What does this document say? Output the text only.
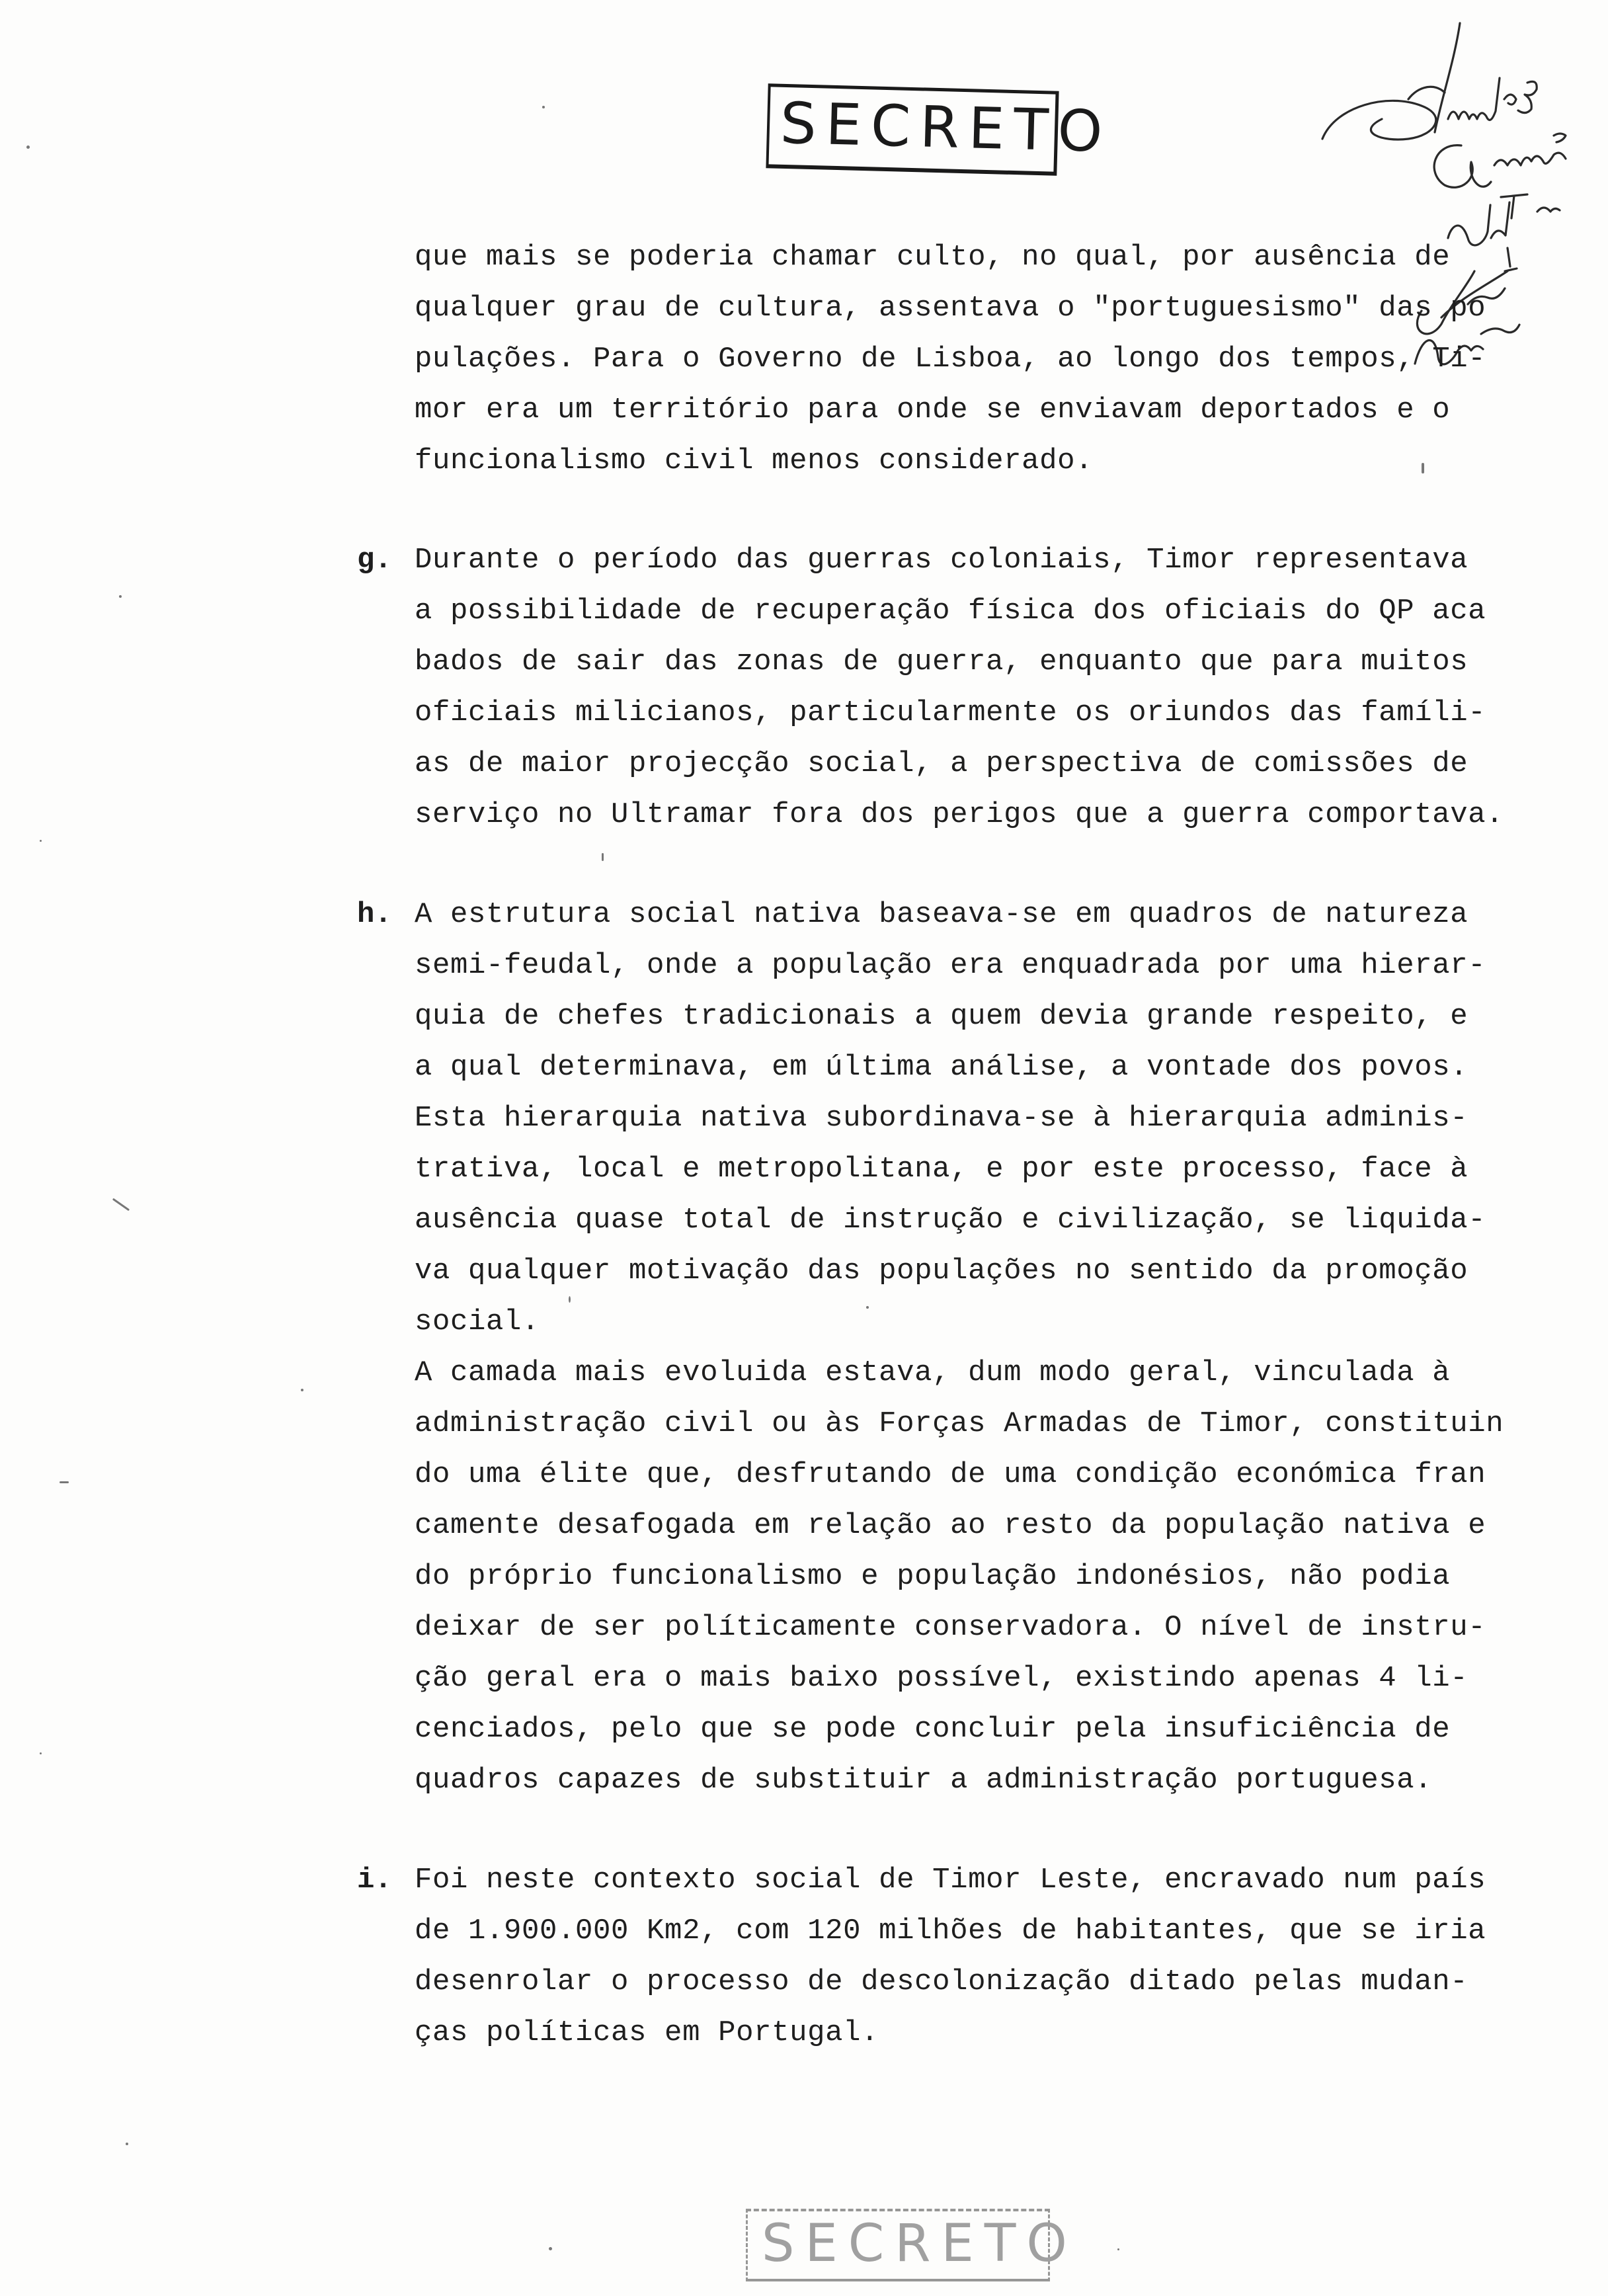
SECRETO
que mais se poderia chamar culto, no qual, por ausência de
qualquer grau de cultura, assentava o "portuguesismo" das po
pulações. Para o Governo de Lisboa, ao longo dos tempos, Ti-
mor era um território para onde se enviavam deportados e o
funcionalismo civil menos considerado.
g. Durante o período das guerras coloniais, Timor representava
a possibilidade de recuperação física dos oficiais do QP aca
bados de sair das zonas de guerra, enquanto que para muitos
oficiais milicianos, particularmente os oriundos das famíli-
as de maior projecção social, a perspectiva de comissões de
serviço no Ultramar fora dos perigos que a guerra comportava.
h. A estrutura social nativa baseava-se em quadros de natureza
semi-feudal, onde a população era enquadrada por uma hierar-
quia de chefes tradicionais a quem devia grande respeito, e
a qual determinava, em última análise, a vontade dos povos.
Esta hierarquia nativa subordinava-se à hierarquia adminis-
trativa, local e metropolitana, e por este processo, face à
ausência quase total de instrução e civilização, se liquida-
va qualquer motivação das populações no sentido da promoção
social.
A camada mais evoluida estava, dum modo geral, vinculada à
administração civil ou às Forças Armadas de Timor, constituin
do uma élite que, desfrutando de uma condição económica fran
camente desafogada em relação ao resto da população nativa e
do próprio funcionalismo e população indonésios, não podia
deixar de ser políticamente conservadora. O nível de instru-
ção geral era o mais baixo possível, existindo apenas 4 li-
cenciados, pelo que se pode concluir pela insuficiência de
quadros capazes de substituir a administração portuguesa.
i. Foi neste contexto social de Timor Leste, encravado num país
de 1.900.000 Km2, com 120 milhões de habitantes, que se iria
desenrolar o processo de descolonização ditado pelas mudan-
ças políticas em Portugal.
SECRETO
